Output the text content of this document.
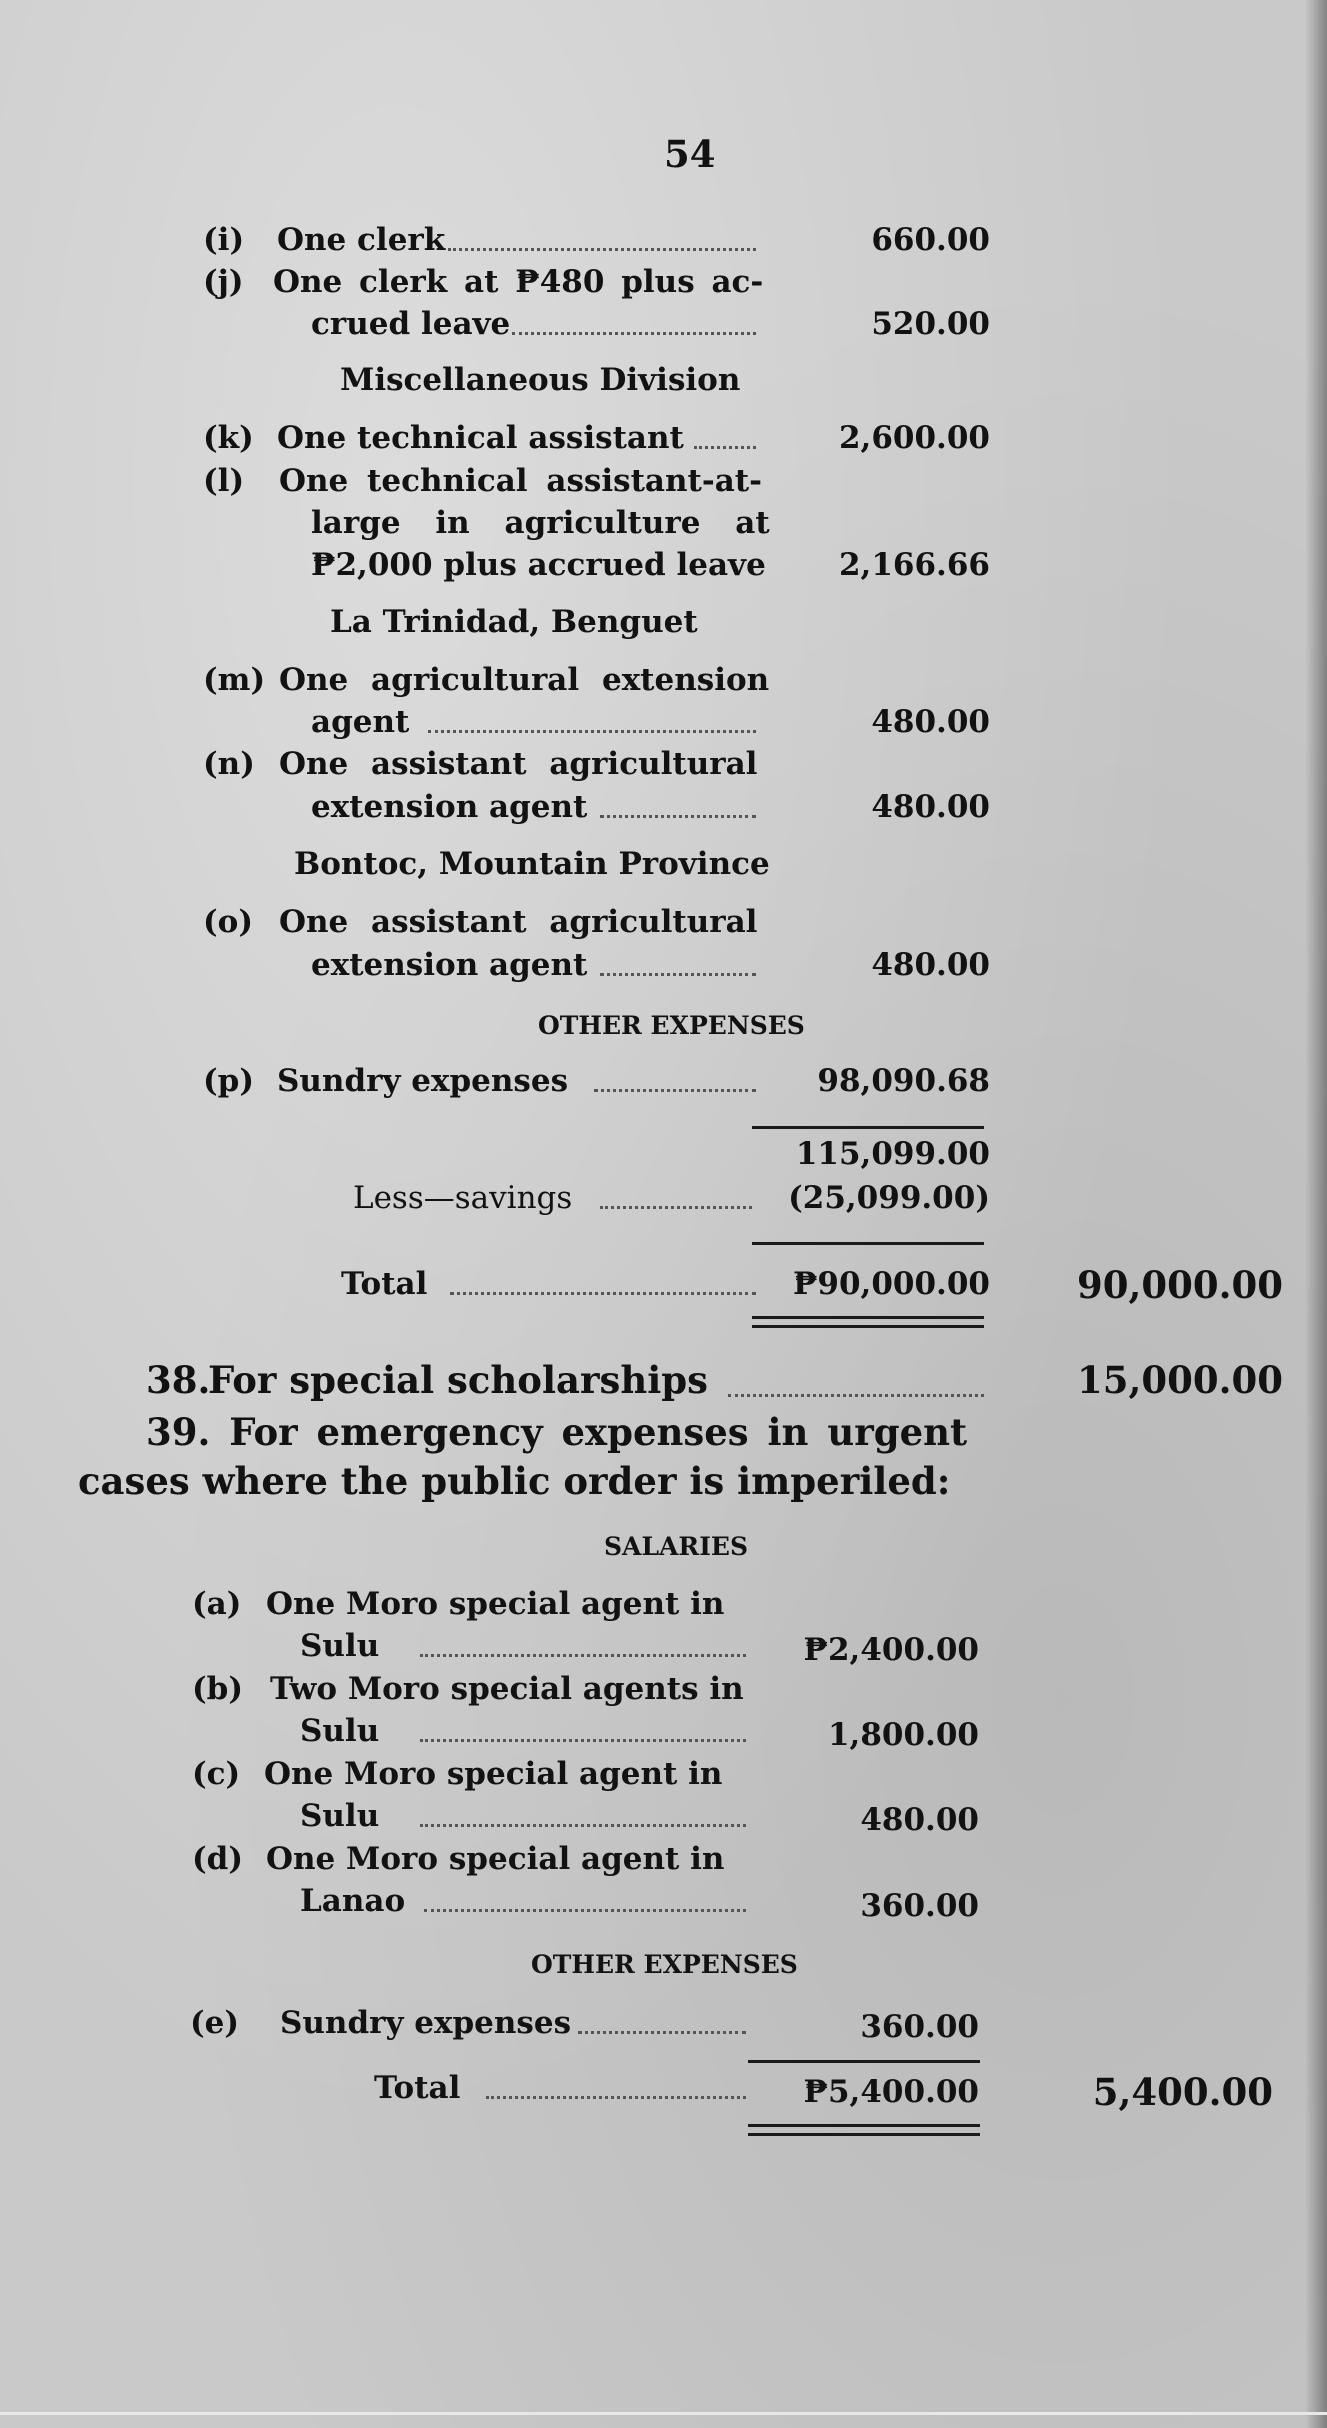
54
(i) One clerk	660.00
(j) One clerk at ₱480 plus ac-
crued leave	520.00
Miscellaneous Division
(k) One technical assistant	2,600.00
(l) One technical assistant-at-
large in agriculture at
₱2,000 plus accrued leave 2,166.66
La Trinidad, Benguet
(m) One agricultural extension
agent	480.00
(n) One assistant agricultural
extension agent	480.00
Bontoc, Mountain Province
(o) One assistant agricultural
extension agent	480.00
OTHER EXPENSES
(p) Sundry expenses	98,090.68
115,099.00
Less—savings	(25,099.00)
Total	₱90,000.00 90,000.00
38.
For special scholarships	15,000.00
39. For emergency expenses in urgent
cases where the public order is imperiled:
SALARIES
(a) One Moro special agent in
Sulu	₱2,400.00
(b) Two Moro special agents in
Sulu	1,800.00
(c) One Moro special agent in
Sulu	480.00
(d) One Moro special agent in
Lanao	360.00
OTHER EXPENSES
(e) Sundry expenses	360.00
Total	₱5,400.00	5,400.00
